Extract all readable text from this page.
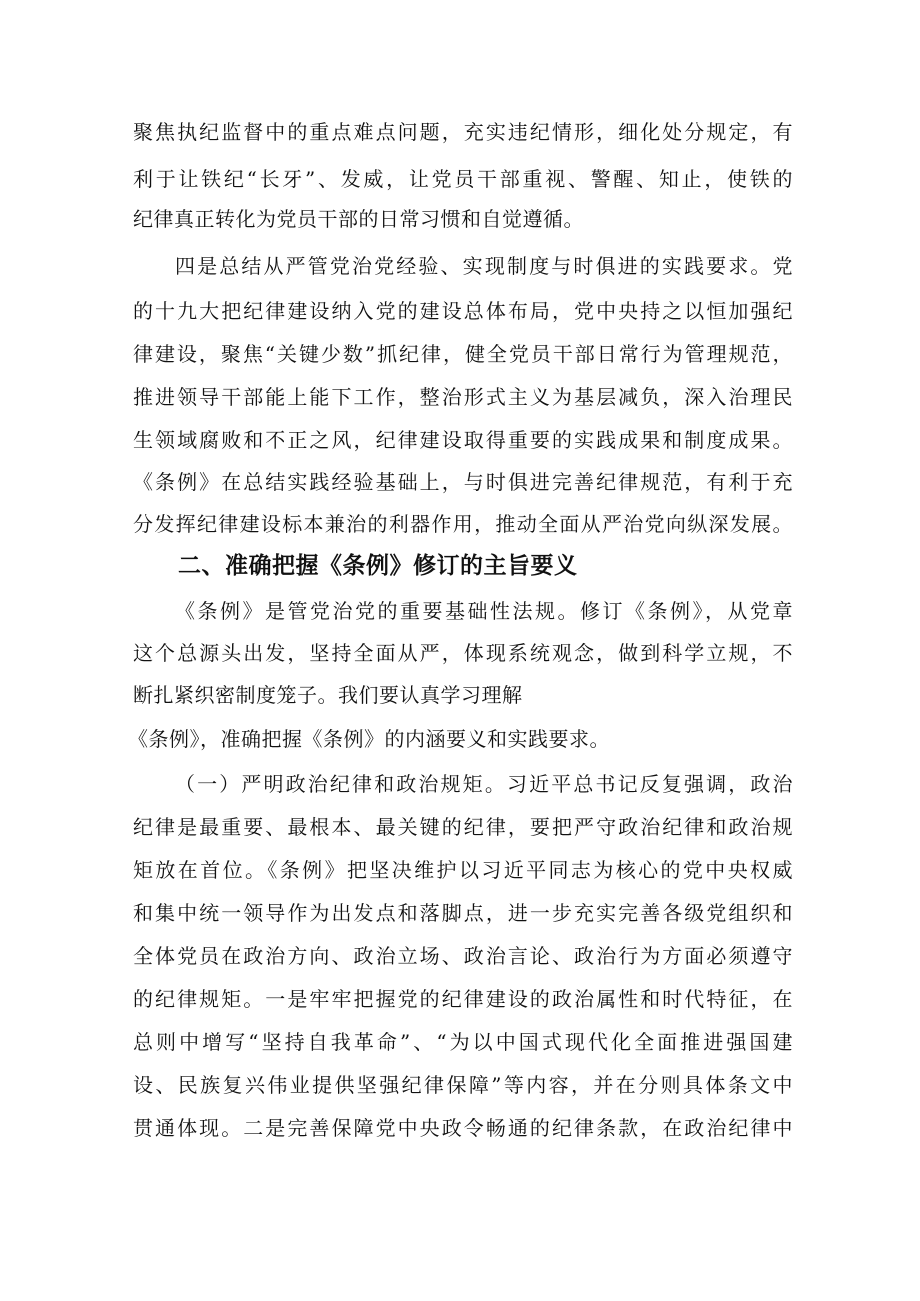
聚焦执纪监督中的重点难点问题，充实违纪情形，细化处分规定，有
利于让铁纪“长牙”、发威，让党员干部重视、警醒、知止，使铁的
纪律真正转化为党员干部的日常习惯和自觉遵循。
四是总结从严管党治党经验、实现制度与时俱进的实践要求。党
的十九大把纪律建设纳入党的建设总体布局，党中央持之以恒加强纪
律建设，聚焦“关键少数”抓纪律，健全党员干部日常行为管理规范，
推进领导干部能上能下工作，整治形式主义为基层减负，深入治理民
生领域腐败和不正之风，纪律建设取得重要的实践成果和制度成果。
《条例》在总结实践经验基础上，与时俱进完善纪律规范，有利于充
分发挥纪律建设标本兼治的利器作用，推动全面从严治党向纵深发展。
二、准确把握《条例》修订的主旨要义
《条例》是管党治党的重要基础性法规。修订《条例》，从党章
这个总源头出发，坚持全面从严，体现系统观念，做到科学立规，不
断扎紧织密制度笼子。我们要认真学习理解
《条例》，准确把握《条例》的内涵要义和实践要求。
（一）严明政治纪律和政治规矩。习近平总书记反复强调，政治
纪律是最重要、最根本、最关键的纪律，要把严守政治纪律和政治规
矩放在首位。《条例》把坚决维护以习近平同志为核心的党中央权威
和集中统一领导作为出发点和落脚点，进一步充实完善各级党组织和
全体党员在政治方向、政治立场、政治言论、政治行为方面必须遵守
的纪律规矩。一是牢牢把握党的纪律建设的政治属性和时代特征，在
总则中增写“坚持自我革命”、“为以中国式现代化全面推进强国建
设、民族复兴伟业提供坚强纪律保障”等内容，并在分则具体条文中
贯通体现。二是完善保障党中央政令畅通的纪律条款，在政治纪律中
